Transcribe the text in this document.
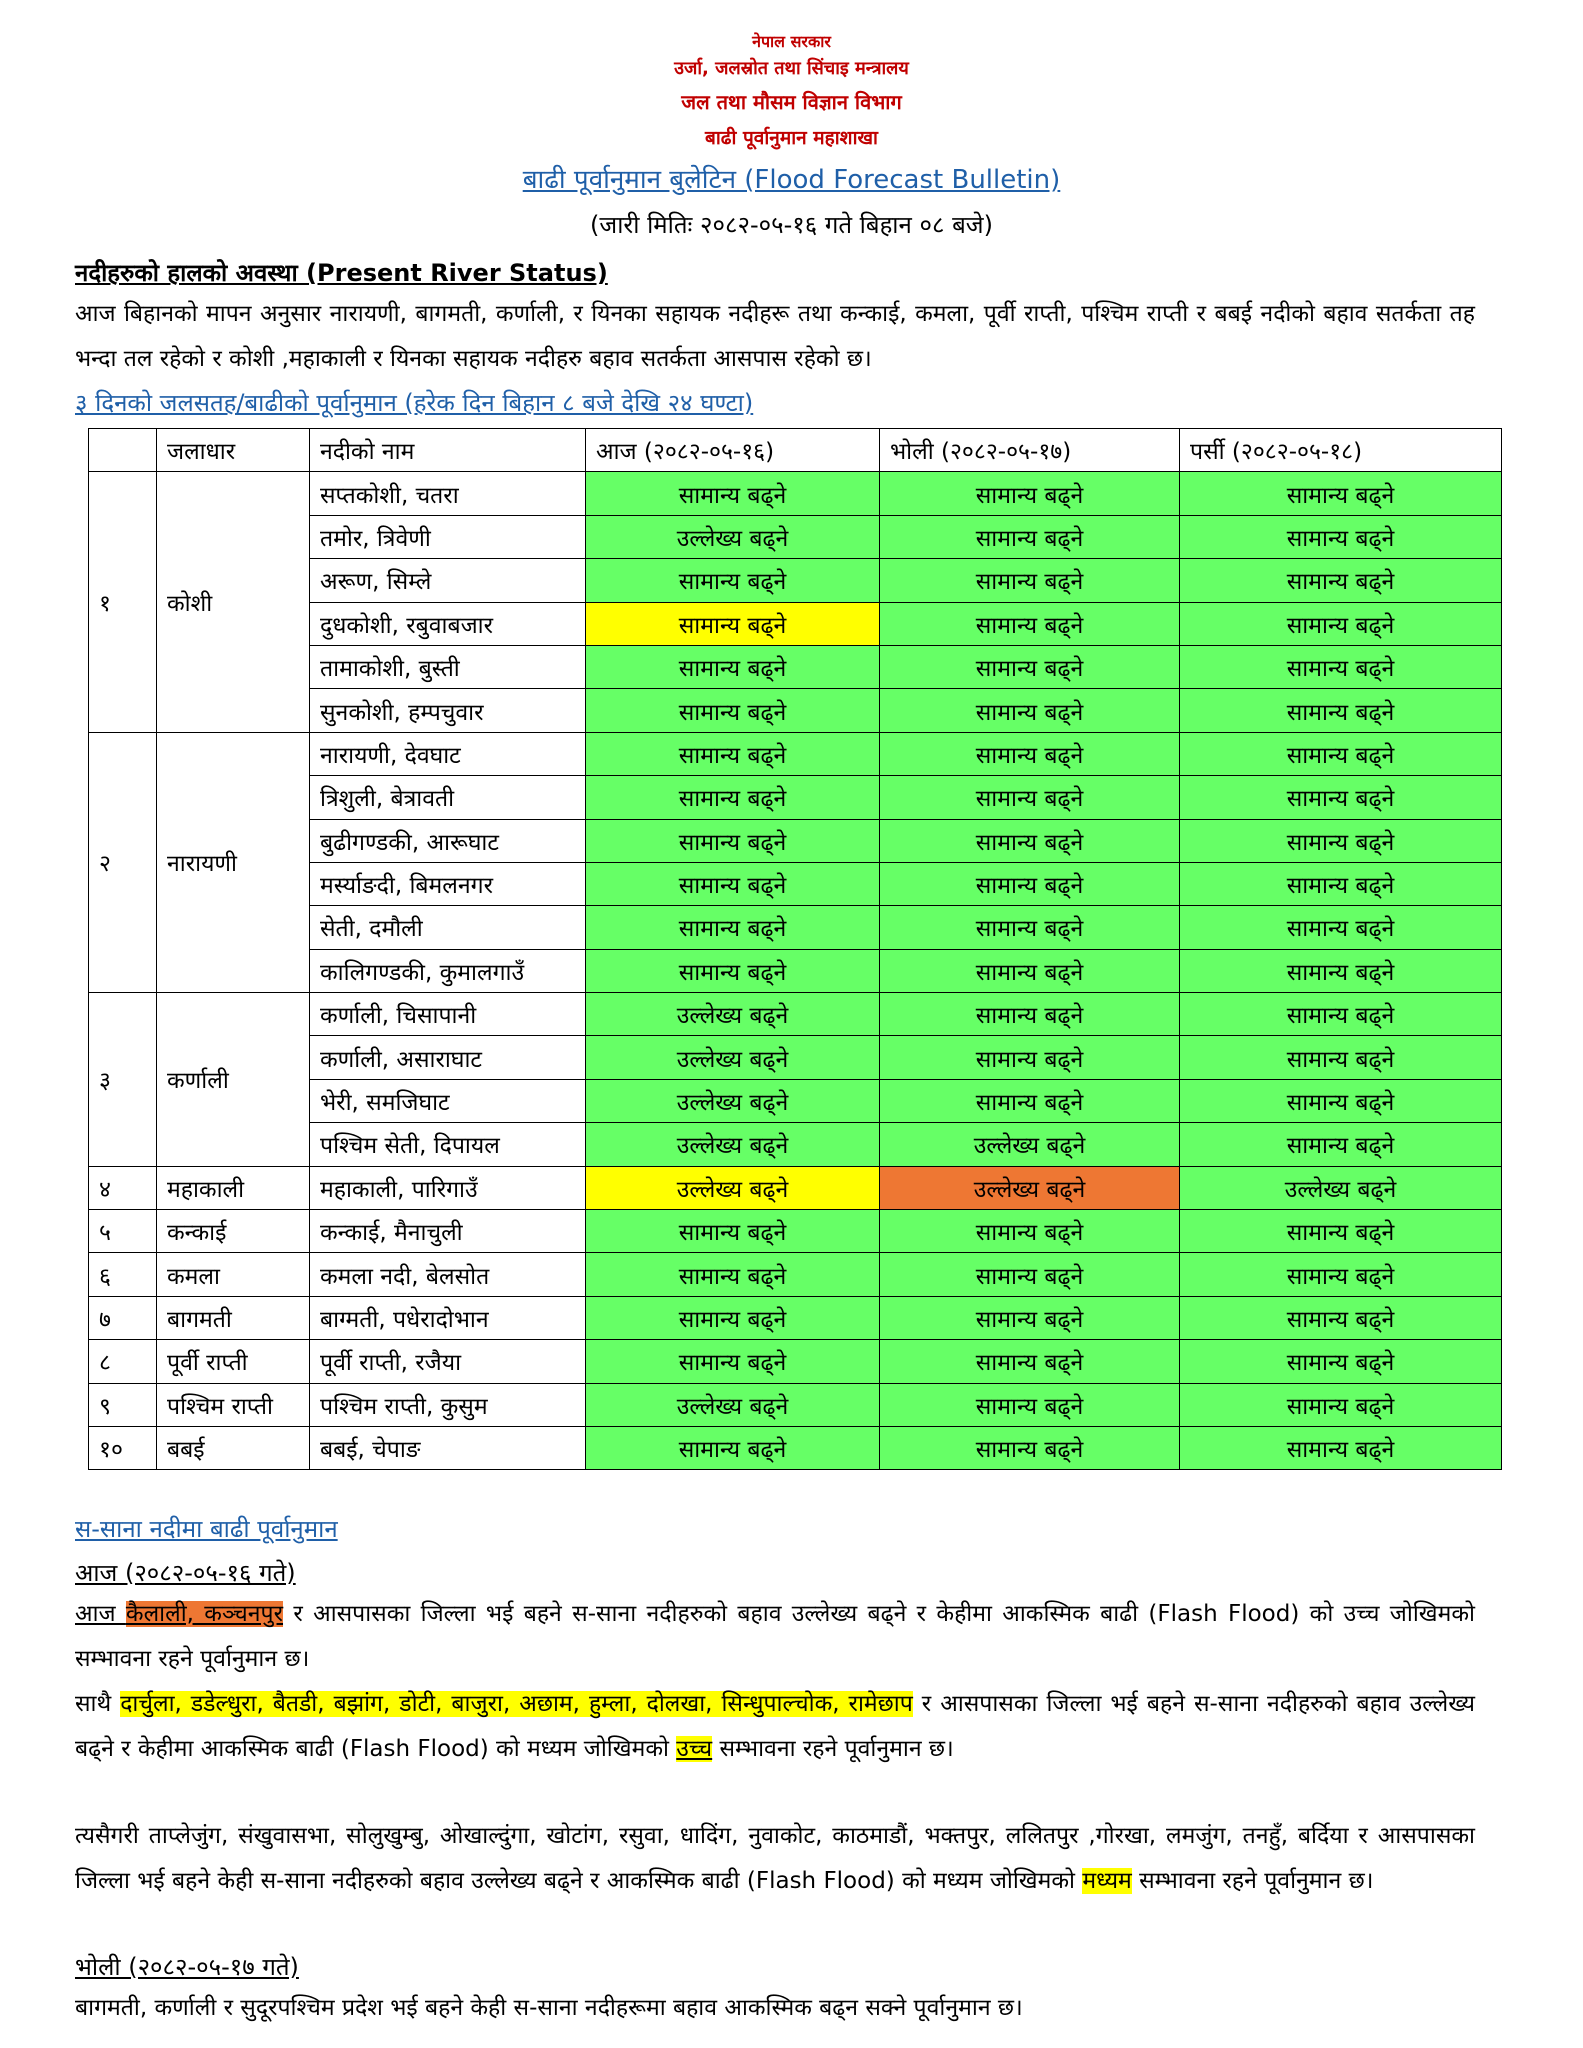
नेपाल सरकार
उर्जा, जलस्रोत तथा सिंचाइ मन्त्रालय
जल तथा मौसम विज्ञान विभाग
बाढी पूर्वानुमान महाशाखा
बाढी पूर्वानुमान बुलेटिन (Flood Forecast Bulletin)
(जारी मितिः २०८२-०५-१६ गते बिहान ०८ बजे)
नदीहरुको हालको अवस्था (Present River Status)
आज बिहानको मापन अनुसार नारायणी, बागमती, कर्णाली, र यिनका सहायक नदीहरू तथा कन्काई, कमला, पूर्वी राप्ती, पश्चिम राप्ती र बबई नदीको बहाव सतर्कता तह भन्दा तल रहेको र कोशी ,महाकाली र यिनका सहायक नदीहरु बहाव सतर्कता आसपास रहेको छ।
३ दिनको जलसतह/बाढीको पूर्वानुमान (हरेक दिन बिहान ८ बजे देखि २४ घण्टा)
	जलाधार	नदीको नाम	आज (२०८२-०५-१६)	भोली (२०८२-०५-१७)	पर्सी (२०८२-०५-१८)
१	कोशी	सप्तकोशी, चतरा	सामान्य बढ्ने	सामान्य बढ्ने	सामान्य बढ्ने
		तमोर, त्रिवेणी	उल्लेख्य बढ्ने	सामान्य बढ्ने	सामान्य बढ्ने
		अरूण, सिम्ले	सामान्य बढ्ने	सामान्य बढ्ने	सामान्य बढ्ने
		दुधकोशी, रबुवाबजार	सामान्य बढ्ने	सामान्य बढ्ने	सामान्य बढ्ने
		तामाकोशी, बुस्ती	सामान्य बढ्ने	सामान्य बढ्ने	सामान्य बढ्ने
		सुनकोशी, हम्पचुवार	सामान्य बढ्ने	सामान्य बढ्ने	सामान्य बढ्ने
२	नारायणी	नारायणी, देवघाट	सामान्य बढ्ने	सामान्य बढ्ने	सामान्य बढ्ने
		त्रिशुली, बेत्रावती	सामान्य बढ्ने	सामान्य बढ्ने	सामान्य बढ्ने
		बुढीगण्डकी, आरूघाट	सामान्य बढ्ने	सामान्य बढ्ने	सामान्य बढ्ने
		मर्स्याङदी, बिमलनगर	सामान्य बढ्ने	सामान्य बढ्ने	सामान्य बढ्ने
		सेती, दमौली	सामान्य बढ्ने	सामान्य बढ्ने	सामान्य बढ्ने
		कालिगण्डकी, कुमालगाउँ	सामान्य बढ्ने	सामान्य बढ्ने	सामान्य बढ्ने
३	कर्णाली	कर्णाली, चिसापानी	उल्लेख्य बढ्ने	सामान्य बढ्ने	सामान्य बढ्ने
		कर्णाली, असाराघाट	उल्लेख्य बढ्ने	सामान्य बढ्ने	सामान्य बढ्ने
		भेरी, समजिघाट	उल्लेख्य बढ्ने	सामान्य बढ्ने	सामान्य बढ्ने
		पश्चिम सेती, दिपायल	उल्लेख्य बढ्ने	उल्लेख्य बढ्ने	सामान्य बढ्ने
४	महाकाली	महाकाली, पारिगाउँ	उल्लेख्य बढ्ने	उल्लेख्य बढ्ने	उल्लेख्य बढ्ने
५	कन्काई	कन्काई, मैनाचुली	सामान्य बढ्ने	सामान्य बढ्ने	सामान्य बढ्ने
६	कमला	कमला नदी, बेलसोत	सामान्य बढ्ने	सामान्य बढ्ने	सामान्य बढ्ने
७	बागमती	बाग्मती, पधेरादोभान	सामान्य बढ्ने	सामान्य बढ्ने	सामान्य बढ्ने
८	पूर्वी राप्ती	पूर्वी राप्ती, रजैया	सामान्य बढ्ने	सामान्य बढ्ने	सामान्य बढ्ने
९	पश्चिम राप्ती	पश्चिम राप्ती, कुसुम	उल्लेख्य बढ्ने	सामान्य बढ्ने	सामान्य बढ्ने
१०	बबई	बबई, चेपाङ	सामान्य बढ्ने	सामान्य बढ्ने	सामान्य बढ्ने
स-साना नदीमा बाढी पूर्वानुमान
आज (२०८२-०५-१६ गते)
आज कैलाली, कञ्चनपुर र आसपासका जिल्ला भई बहने स-साना नदीहरुको बहाव उल्लेख्य बढ्ने र केहीमा आकस्मिक बाढी (Flash Flood) को उच्च जोखिमको सम्भावना रहने पूर्वानुमान छ।
साथै दार्चुला, डडेल्धुरा, बैतडी, बझांग, डोटी, बाजुरा, अछाम, हुम्ला, दोलखा, सिन्धुपाल्चोक, रामेछाप र आसपासका जिल्ला भई बहने स-साना नदीहरुको बहाव उल्लेख्य बढ्ने र केहीमा आकस्मिक बाढी (Flash Flood) को मध्यम जोखिमको उच्च सम्भावना रहने पूर्वानुमान छ।
त्यसैगरी ताप्लेजुंग, संखुवासभा, सोलुखुम्बु, ओखाल्दुंगा, खोटांग, रसुवा, धादिंग, नुवाकोट, काठमाडौं, भक्तपुर, ललितपुर ,गोरखा, लमजुंग, तनहुँ, बर्दिया र आसपासका जिल्ला भई बहने केही स-साना नदीहरुको बहाव उल्लेख्य बढ्ने र आकस्मिक बाढी (Flash Flood) को मध्यम जोखिमको मध्यम सम्भावना रहने पूर्वानुमान छ।
भोली (२०८२-०५-१७ गते)
बागमती, कर्णाली र सुदूरपश्चिम प्रदेश भई बहने केही स-साना नदीहरूमा बहाव आकस्मिक बढ्न सक्ने पूर्वानुमान छ।
